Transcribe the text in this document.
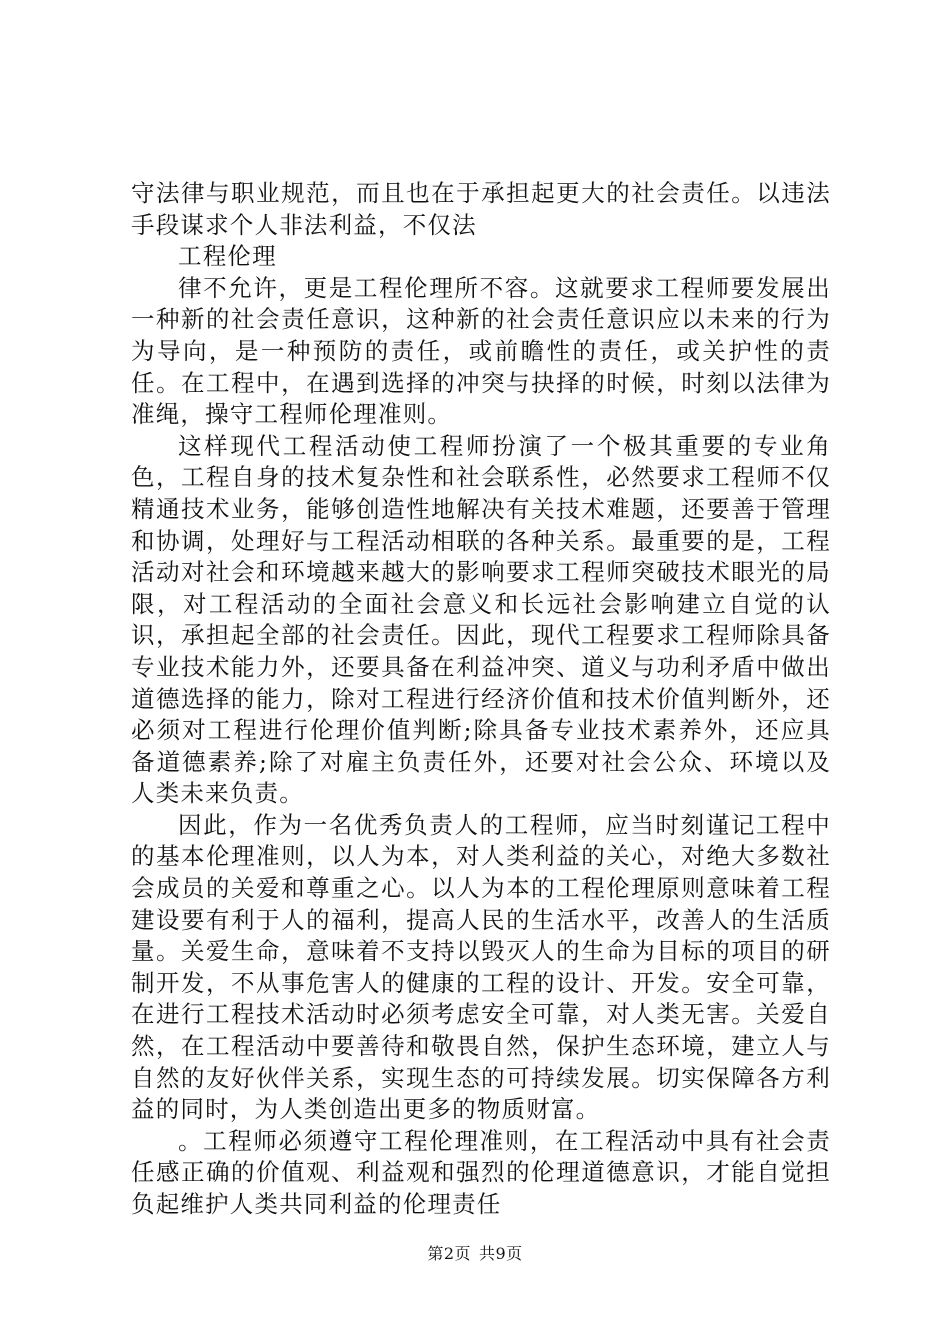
守法律与职业规范，而且也在于承担起更大的社会责任。以违法手段谋求个人非法利益，不仅法

工程伦理

律不允许，更是工程伦理所不容。这就要求工程师要发展出一种新的社会责任意识，这种新的社会责任意识应以未来的行为为导向，是一种预防的责任，或前瞻性的责任，或关护性的责任。在工程中，在遇到选择的冲突与抉择的时候，时刻以法律为准绳，操守工程师伦理准则。

这样现代工程活动使工程师扮演了一个极其重要的专业角色，工程自身的技术复杂性和社会联系性，必然要求工程师不仅精通技术业务，能够创造性地解决有关技术难题，还要善于管理和协调，处理好与工程活动相联的各种关系。最重要的是，工程活动对社会和环境越来越大的影响要求工程师突破技术眼光的局限，对工程活动的全面社会意义和长远社会影响建立自觉的认识，承担起全部的社会责任。因此，现代工程要求工程师除具备专业技术能力外，还要具备在利益冲突、道义与功利矛盾中做出道德选择的能力，除对工程进行经济价值和技术价值判断外，还必须对工程进行伦理价值判断;除具备专业技术素养外，还应具备道德素养;除了对雇主负责任外，还要对社会公众、环境以及人类未来负责。

因此，作为一名优秀负责人的工程师，应当时刻谨记工程中的基本伦理准则，以人为本，对人类利益的关心，对绝大多数社会成员的关爱和尊重之心。以人为本的工程伦理原则意味着工程建设要有利于人的福利，提高人民的生活水平，改善人的生活质量。关爱生命，意味着不支持以毁灭人的生命为目标的项目的研制开发，不从事危害人的健康的工程的设计、开发。安全可靠，在进行工程技术活动时必须考虑安全可靠，对人类无害。关爱自然，在工程活动中要善待和敬畏自然，保护生态环境，建立人与自然的友好伙伴关系，实现生态的可持续发展。切实保障各方利益的同时，为人类创造出更多的物质财富。

。工程师必须遵守工程伦理准则，在工程活动中具有社会责任感正确的价值观、利益观和强烈的伦理道德意识，才能自觉担负起维护人类共同利益的伦理责任

第2页 共9页
